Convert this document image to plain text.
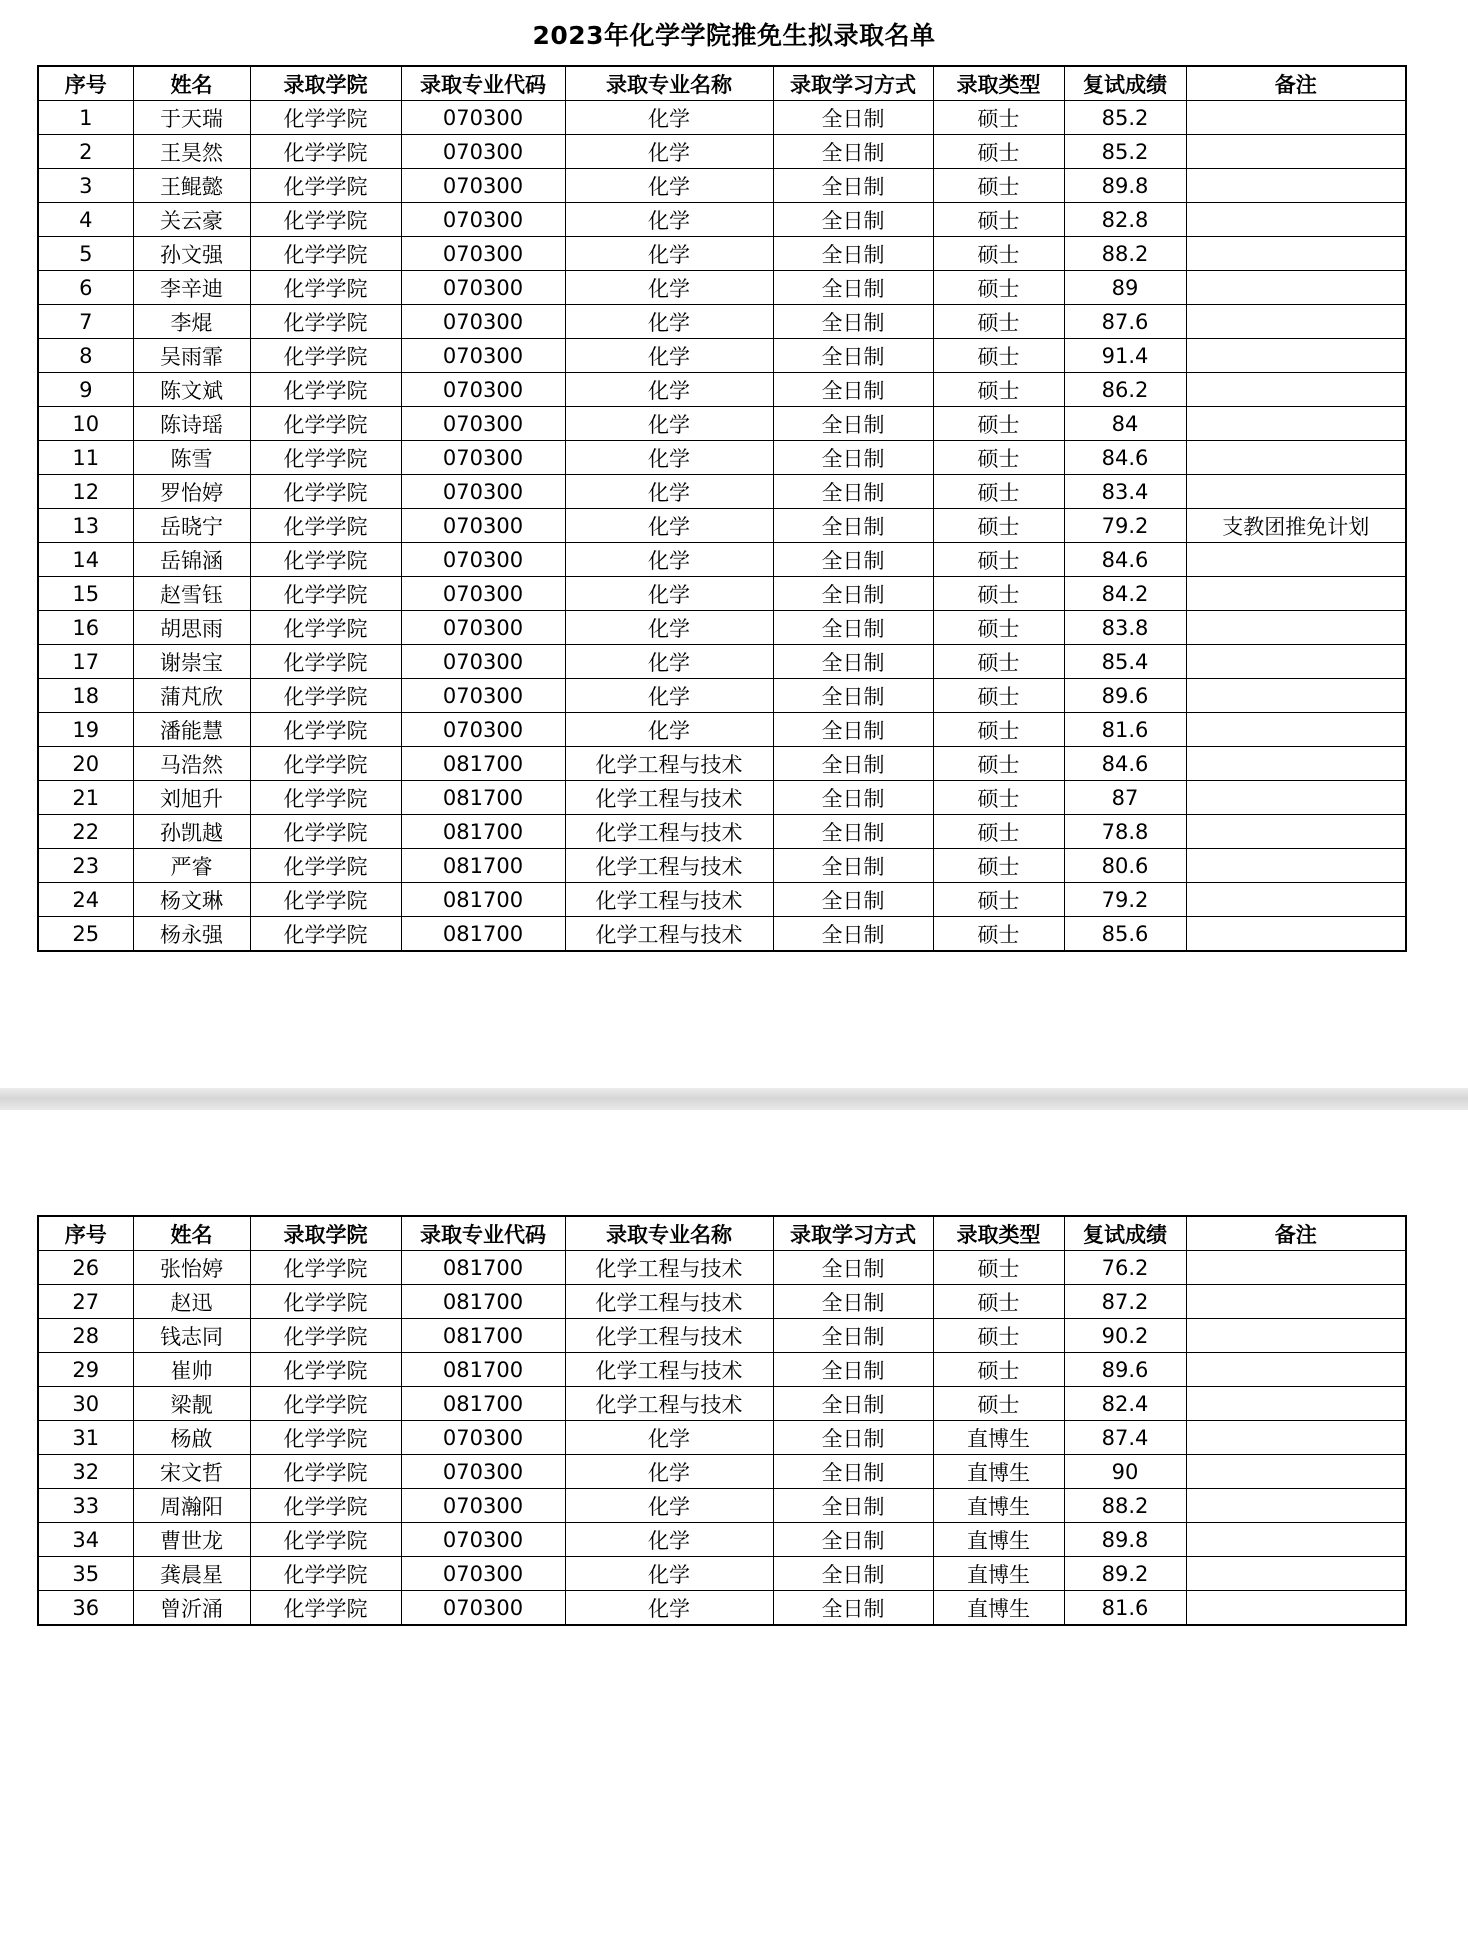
2023年化学学院推免生拟录取名单
序号	姓名	录取学院	录取专业代码	录取专业名称	录取学习方式	录取类型	复试成绩	备注
1	于天瑞	化学学院	070300	化学	全日制	硕士	85.2	
2	王昊然	化学学院	070300	化学	全日制	硕士	85.2	
3	王鲲懿	化学学院	070300	化学	全日制	硕士	89.8	
4	关云豪	化学学院	070300	化学	全日制	硕士	82.8	
5	孙文强	化学学院	070300	化学	全日制	硕士	88.2	
6	李辛迪	化学学院	070300	化学	全日制	硕士	89	
7	李焜	化学学院	070300	化学	全日制	硕士	87.6	
8	吴雨霏	化学学院	070300	化学	全日制	硕士	91.4	
9	陈文斌	化学学院	070300	化学	全日制	硕士	86.2	
10	陈诗瑶	化学学院	070300	化学	全日制	硕士	84	
11	陈雪	化学学院	070300	化学	全日制	硕士	84.6	
12	罗怡婷	化学学院	070300	化学	全日制	硕士	83.4	
13	岳晓宁	化学学院	070300	化学	全日制	硕士	79.2	支教团推免计划
14	岳锦涵	化学学院	070300	化学	全日制	硕士	84.6	
15	赵雪钰	化学学院	070300	化学	全日制	硕士	84.2	
16	胡思雨	化学学院	070300	化学	全日制	硕士	83.8	
17	谢崇宝	化学学院	070300	化学	全日制	硕士	85.4	
18	蒲芃欣	化学学院	070300	化学	全日制	硕士	89.6	
19	潘能慧	化学学院	070300	化学	全日制	硕士	81.6	
20	马浩然	化学学院	081700	化学工程与技术	全日制	硕士	84.6	
21	刘旭升	化学学院	081700	化学工程与技术	全日制	硕士	87	
22	孙凯越	化学学院	081700	化学工程与技术	全日制	硕士	78.8	
23	严睿	化学学院	081700	化学工程与技术	全日制	硕士	80.6	
24	杨文琳	化学学院	081700	化学工程与技术	全日制	硕士	79.2	
25	杨永强	化学学院	081700	化学工程与技术	全日制	硕士	85.6	
序号	姓名	录取学院	录取专业代码	录取专业名称	录取学习方式	录取类型	复试成绩	备注
26	张怡婷	化学学院	081700	化学工程与技术	全日制	硕士	76.2	
27	赵迅	化学学院	081700	化学工程与技术	全日制	硕士	87.2	
28	钱志同	化学学院	081700	化学工程与技术	全日制	硕士	90.2	
29	崔帅	化学学院	081700	化学工程与技术	全日制	硕士	89.6	
30	梁靓	化学学院	081700	化学工程与技术	全日制	硕士	82.4	
31	杨啟	化学学院	070300	化学	全日制	直博生	87.4	
32	宋文哲	化学学院	070300	化学	全日制	直博生	90	
33	周瀚阳	化学学院	070300	化学	全日制	直博生	88.2	
34	曹世龙	化学学院	070300	化学	全日制	直博生	89.8	
35	龚晨星	化学学院	070300	化学	全日制	直博生	89.2	
36	曾沂涌	化学学院	070300	化学	全日制	直博生	81.6	
